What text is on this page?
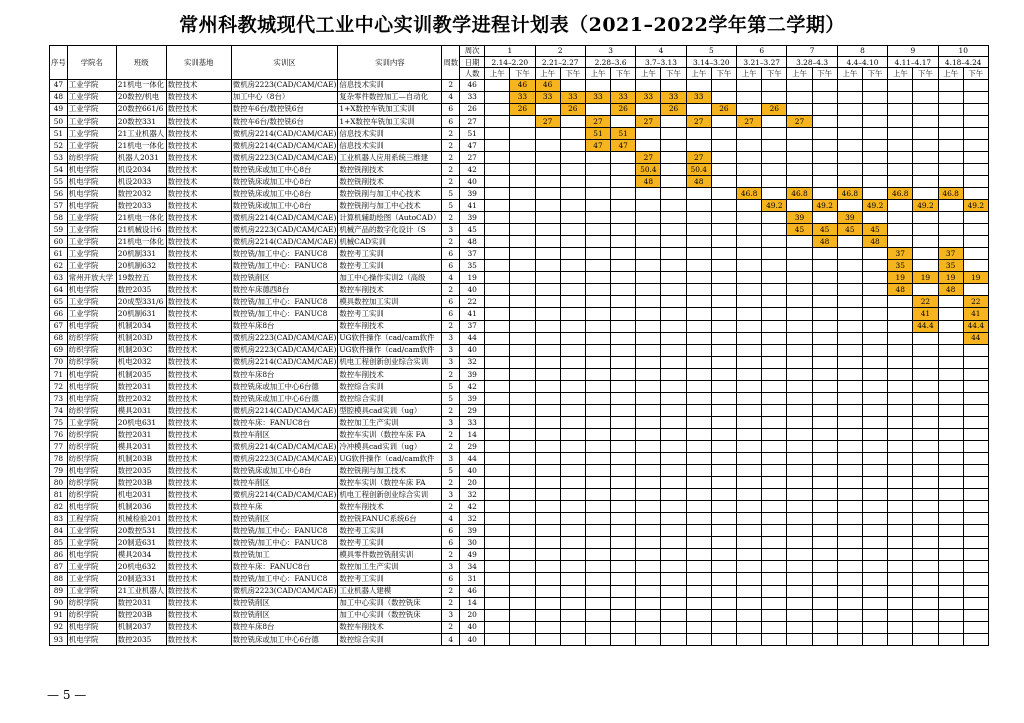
常州科教城现代工业中心实训教学进程计划表（2021–2022学年第二学期）
序号	学院名	班级	实训基地	实训区	实训内容	周数	周次	1		2		3		4		5		6		7		8		9		10	
							日期	2.14–2.20		2.21–2.27		2.28–3.6		3.7–3.13		3.14–3.20		3.21–3.27		3.28–4.3		4.4–4.10		4.11–4.17		4.18–4.24	
							人数	上午	下午	上午	下午	上午	下午	上午	下午	上午	下午	上午	下午	上午	下午	上午	下午	上午	下午	上午	下午
47	工业学院	21机电一体化	数控技术	微机房2223(CAD/CAM/CAE)	信息技术实训	2	46		46	46																	
48	工业学院	20数控/机电	数控技术	加工中心（8台）	复杂零件数控加工—自动化	4	33		33	33	33	33	33	33	33	33											
49	工业学院	20数控661/6	数控技术	数控车6台/数控铣6台	1+X数控车铣加工实训	6	26		26		26		26		26		26		26								
50	工业学院	20数控331	数控技术	数控车6台/数控铣6台	1+X数控车铣加工实训	6	27			27		27		27		27		27		27							
51	工业学院	21工业机器人	数控技术	微机房2214(CAD/CAM/CAE)	信息技术实训	2	51					51	51														
52	工业学院	21机电一体化	数控技术	微机房2214(CAD/CAM/CAE)	信息技术实训	2	47					47	47														
53	纺织学院	机器人2031	数控技术	微机房2223(CAD/CAM/CAE)	工业机器人应用系统三维建	2	27							27		27											
54	机电学院	机设2034	数控技术	数控铣床或加工中心8台	数控铣削技术	2	42							50.4		50.4											
55	机电学院	机设2033	数控技术	数控铣床或加工中心8台	数控铣削技术	2	40							48		48											
56	机电学院	数控2032	数控技术	数控铣床或加工中心8台	数控铣削与加工中心技术	5	39											46.8		46.8		46.8		46.8		46.8	
57	机电学院	数控2033	数控技术	数控铣床或加工中心8台	数控铣削与加工中心技术	5	41												49.2		49.2		49.2		49.2		49.2
58	工业学院	21机电一体化	数控技术	微机房2214(CAD/CAM/CAE)	计算机辅助绘图（AutoCAD）	2	39													39		39					
59	工业学院	21机械设计6	数控技术	微机房2223(CAD/CAM/CAE)	机械产品的数字化设计（S	3	45													45	45	45	45				
60	工业学院	21机电一体化	数控技术	微机房2214(CAD/CAM/CAE)	机械CAD实训	2	48														48		48				
61	工业学院	20机制331	数控技术	数控铣/加工中心：FANUC8	数控考工实训	6	37																	37		37	
62	工业学院	20机制632	数控技术	数控铣/加工中心：FANUC8	数控考工实训	6	35																	35		35	
63	常州开放大学	19数控五	数控技术	数控铣削区	加工中心操作实训2（高级	4	19																	19	19	19	19
64	机电学院	数控2035	数控技术	数控车床德西8台	数控车削技术	2	40																	48		48	
65	工业学院	20成型331/6	数控技术	数控铣/加工中心：FANUC8	模具数控加工实训	6	22																		22		22
66	工业学院	20机制631	数控技术	数控铣/加工中心：FANUC8	数控考工实训	6	41																		41		41
67	机电学院	机制2034	数控技术	数控车床8台	数控车削技术	2	37																		44.4		44.4
68	纺织学院	机制203D	数控技术	微机房2223(CAD/CAM/CAE)	UG软件操作（cad/cam软件	3	44																				44
69	纺织学院	机制203C	数控技术	微机房2223(CAD/CAM/CAE)	UG软件操作（cad/cam软件	3	40																				
70	纺织学院	机电2032	数控技术	微机房2214(CAD/CAM/CAE)	机电工程创新创业综合实训	3	32																				
71	机电学院	机制2035	数控技术	数控车床8台	数控车削技术	2	39																				
72	机电学院	数控2031	数控技术	数控铣床或加工中心6台德	数控综合实训	5	42																				
73	机电学院	数控2032	数控技术	数控铣床或加工中心6台德	数控综合实训	5	39																				
74	纺织学院	模具2031	数控技术	微机房2214(CAD/CAM/CAE)	型腔模具cad实训（ug）	2	29																				
75	工业学院	20机电631	数控技术	数控车床：FANUC8台	数控加工生产实训	3	33																				
76	纺织学院	数控2031	数控技术	数控车削区	数控车实训（数控车床 FA	2	14																				
77	纺织学院	模具2031	数控技术	微机房2214(CAD/CAM/CAE)	冷冲模具cad实训（ug）	2	29																				
78	纺织学院	机制203B	数控技术	微机房2223(CAD/CAM/CAE)	UG软件操作（cad/cam软件	3	44																				
79	机电学院	数控2035	数控技术	数控铣床或加工中心8台	数控铣削与加工技术	5	40																				
80	纺织学院	数控203B	数控技术	数控车削区	数控车实训（数控车床 FA	2	20																				
81	纺织学院	机电2031	数控技术	微机房2214(CAD/CAM/CAE)	机电工程创新创业综合实训	3	32																				
82	机电学院	机制2036	数控技术	数控车床	数控车削技术	2	42																				
83	工程学院	机械检验201	数控技术	数控铣削区	数控铣FANUC系统6台	4	32																				
84	工业学院	20数控531	数控技术	数控铣/加工中心：FANUC8	数控考工实训	6	39																				
85	工业学院	20制造631	数控技术	数控铣/加工中心：FANUC8	数控考工实训	6	30																				
86	机电学院	模具2034	数控技术	数控铣加工	模具零件数控铣削实训	2	49																				
87	工业学院	20机电632	数控技术	数控车床：FANUC8台	数控加工生产实训	3	34																				
88	工业学院	20制造331	数控技术	数控铣/加工中心：FANUC8	数控考工实训	6	31																				
89	工业学院	21工业机器人	数控技术	微机房2223(CAD/CAM/CAE)	工业机器人建模	2	46																				
90	纺织学院	数控2031	数控技术	数控铣削区	加工中心实训（数控铣床	2	14																				
91	纺织学院	数控203B	数控技术	数控铣削区	加工中心实训（数控铣床	3	20																				
92	机电学院	机制2037	数控技术	数控车床8台	数控车削技术	2	40																				
93	机电学院	数控2035	数控技术	数控铣床或加工中心6台德	数控综合实训	4	40																				
— 5 —
